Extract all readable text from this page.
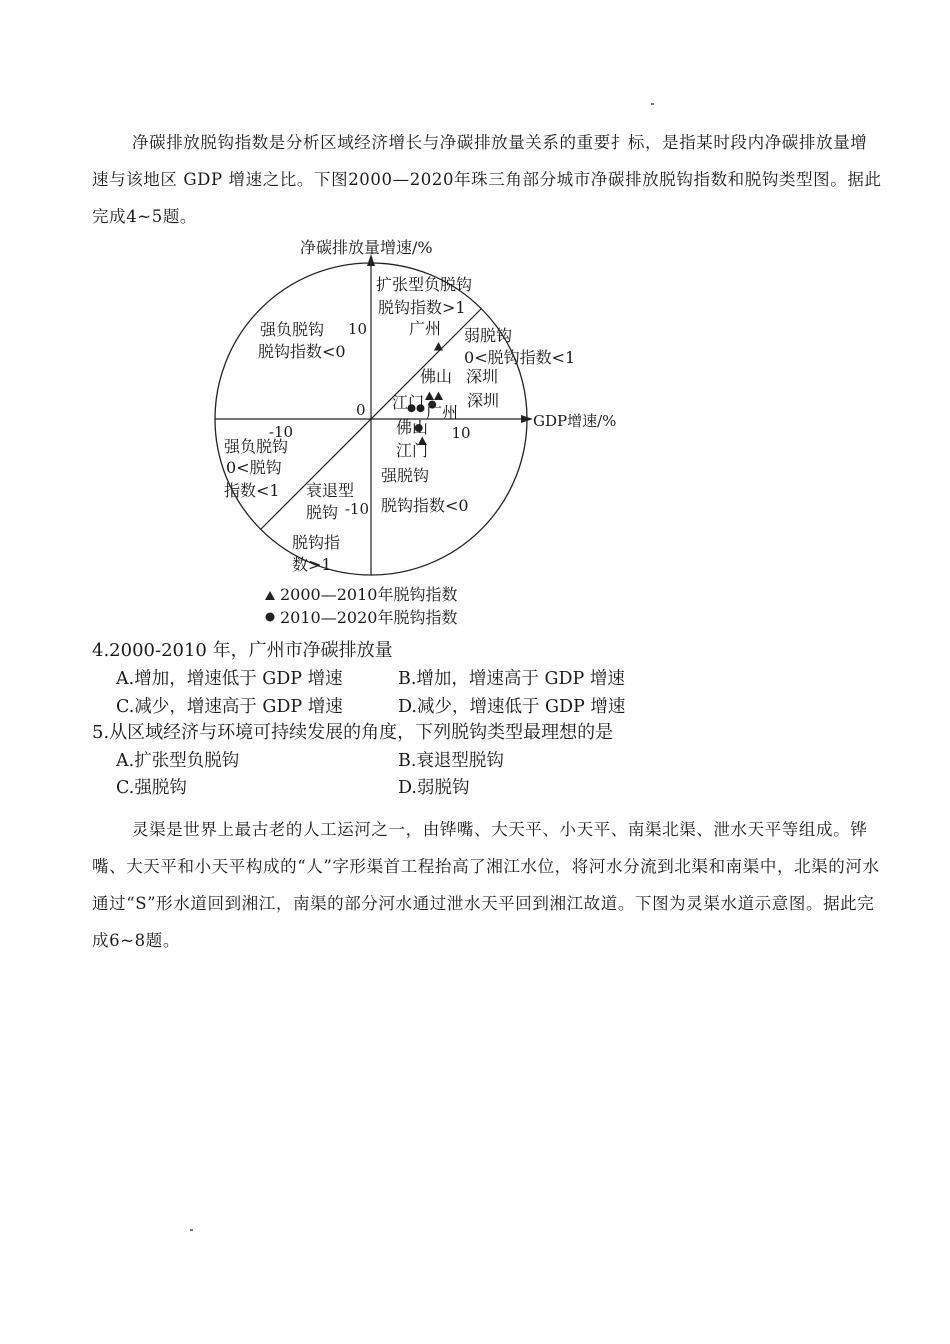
净碳排放脱钩指数是分析区域经济增长与净碳排放量关系的重要扌标，是指某时段内净碳排放量增速与该地区 GDP 增速之比。下图2000—2020年珠三角部分城市净碳排放脱钩指数和脱钩类型图。据此完成4~5题。
净碳排放量增速/%
GDP增速/%
0
10
-10
-10	10
扩张型负脱钩
脱钩指数>1
弱脱钩
0<脱钩指数<1
强负脱钩
脱钩指数<0
强负脱钩
0<脱钩
指数<1 衰退型
脱钩
脱钩指
数>1
强脱钩
脱钩指数<0
广州
佛山 深圳
江门
江门
广州
深圳
佛山
2000—2010年脱钩指数
2010—2020年脱钩指数
4.2000-2010 年，广州市净碳排放量
A.增加，增速低于 GDP 增速	B.增加，增速高于 GDP 增速
C.减少，增速高于 GDP 增速	D.减少，增速低于 GDP 增速
5.从区域经济与环境可持续发展的角度，下列脱钩类型最理想的是
A.扩张型负脱钩	B.衰退型脱钩
C.强脱钩	D.弱脱钩
灵渠是世界上最古老的人工运河之一，由铧嘴、大天平、小天平、南渠北渠、泄水天平等组成。铧嘴、大天平和小天平构成的“人”字形渠首工程抬高了湘江水位，将河水分流到北渠和南渠中，北渠的河水通过“S”形水道回到湘江，南渠的部分河水通过泄水天平回到湘江故道。下图为灵渠水道示意图。据此完成6~8题。
